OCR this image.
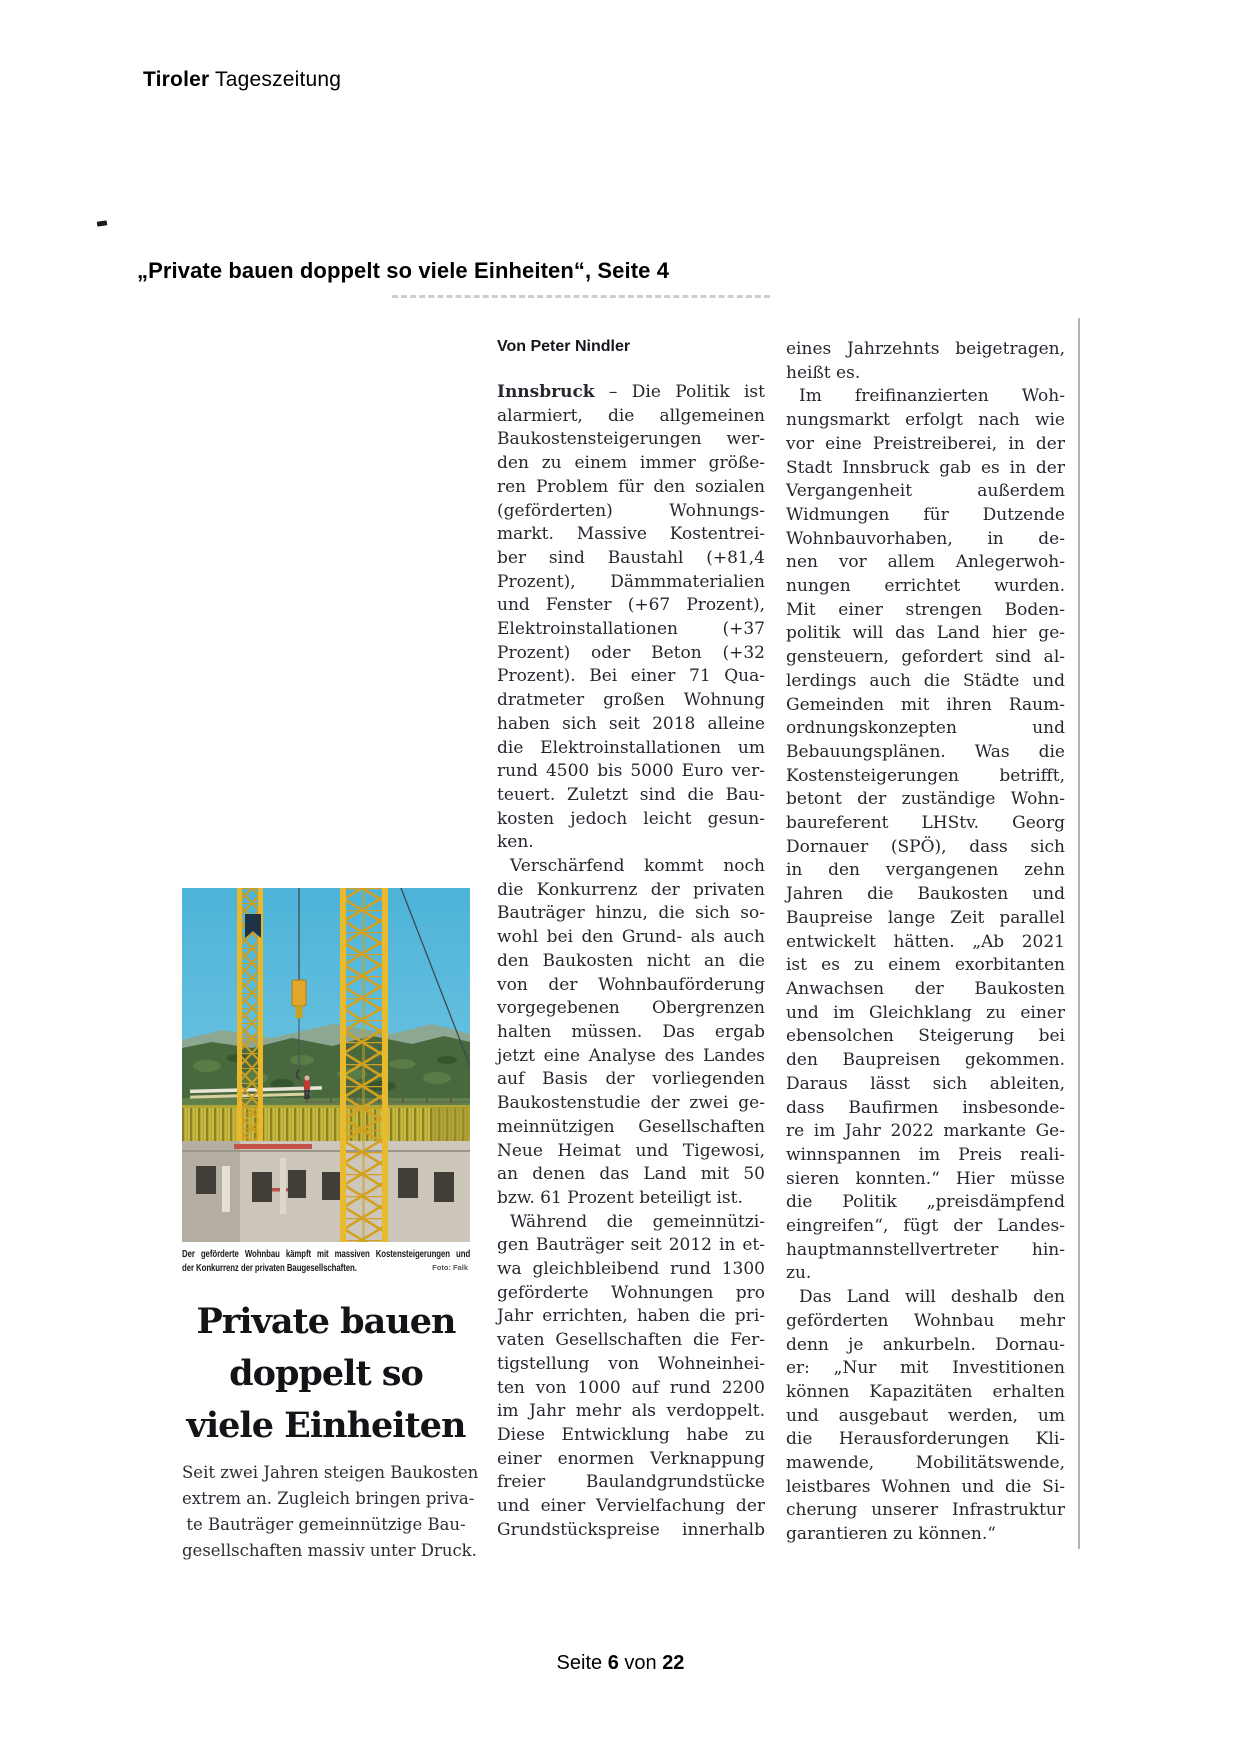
Tiroler Tageszeitung
„Private bauen doppelt so viele Einheiten“, Seite 4
Der geförderte Wohnbau kämpft mit massiven Kostensteigerungen und
der Konkurrenz der privaten Baugesellschaften.	Foto: Falk
Private bauen
doppelt so
viele Einheiten
Seit zwei Jahren steigen Baukosten
extrem an. Zugleich bringen priva-
te Bauträger gemeinnützige Bau-
gesellschaften massiv unter Druck.
Von Peter Nindler
Innsbruck – Die Politik ist
alarmiert, die allgemeinen
Baukostensteigerungen wer-
den zu einem immer größe-
ren Problem für den sozialen
(geförderten) Wohnungs-
markt. Massive Kostentrei-
ber sind Baustahl (+81,4
Prozent), Dämmmaterialien
und Fenster (+67 Prozent),
Elektroinstallationen (+37
Prozent) oder Beton (+32
Prozent). Bei einer 71 Qua-
dratmeter großen Wohnung
haben sich seit 2018 alleine
die Elektroinstallationen um
rund 4500 bis 5000 Euro ver-
teuert. Zuletzt sind die Bau-
kosten jedoch leicht gesun-
ken.
Verschärfend kommt noch
die Konkurrenz der privaten
Bauträger hinzu, die sich so-
wohl bei den Grund- als auch
den Baukosten nicht an die
von der Wohnbauförderung
vorgegebenen Obergrenzen
halten müssen. Das ergab
jetzt eine Analyse des Landes
auf Basis der vorliegenden
Baukostenstudie der zwei ge-
meinnützigen Gesellschaften
Neue Heimat und Tigewosi,
an denen das Land mit 50
bzw. 61 Prozent beteiligt ist.
Während die gemeinnützi-
gen Bauträger seit 2012 in et-
wa gleichbleibend rund 1300
geförderte Wohnungen pro
Jahr errichten, haben die pri-
vaten Gesellschaften die Fer-
tigstellung von Wohneinhei-
ten von 1000 auf rund 2200
im Jahr mehr als verdoppelt.
Diese Entwicklung habe zu
einer enormen Verknappung
freier Baulandgrundstücke
und einer Vervielfachung der
Grundstückspreise innerhalb
eines Jahrzehnts beigetragen,
heißt es.
Im freifinanzierten Woh-
nungsmarkt erfolgt nach wie
vor eine Preistreiberei, in der
Stadt Innsbruck gab es in der
Vergangenheit außerdem
Widmungen für Dutzende
Wohnbauvorhaben, in de-
nen vor allem Anlegerwoh-
nungen errichtet wurden.
Mit einer strengen Boden-
politik will das Land hier ge-
gensteuern, gefordert sind al-
lerdings auch die Städte und
Gemeinden mit ihren Raum-
ordnungskonzepten und
Bebauungsplänen. Was die
Kostensteigerungen betrifft,
betont der zuständige Wohn-
baureferent LHStv. Georg
Dornauer (SPÖ), dass sich
in den vergangenen zehn
Jahren die Baukosten und
Baupreise lange Zeit parallel
entwickelt hätten. „Ab 2021
ist es zu einem exorbitanten
Anwachsen der Baukosten
und im Gleichklang zu einer
ebensolchen Steigerung bei
den Baupreisen gekommen.
Daraus lässt sich ableiten,
dass Baufirmen insbesonde-
re im Jahr 2022 markante Ge-
winnspannen im Preis reali-
sieren konnten.“ Hier müsse
die Politik „preisdämpfend
eingreifen“, fügt der Landes-
hauptmannstellvertreter hin-
zu.
Das Land will deshalb den
geförderten Wohnbau mehr
denn je ankurbeln. Dornau-
er: „Nur mit Investitionen
können Kapazitäten erhalten
und ausgebaut werden, um
die Herausforderungen Kli-
mawende, Mobilitätswende,
leistbares Wohnen und die Si-
cherung unserer Infrastruktur
garantieren zu können.“
Seite 6 von 22
